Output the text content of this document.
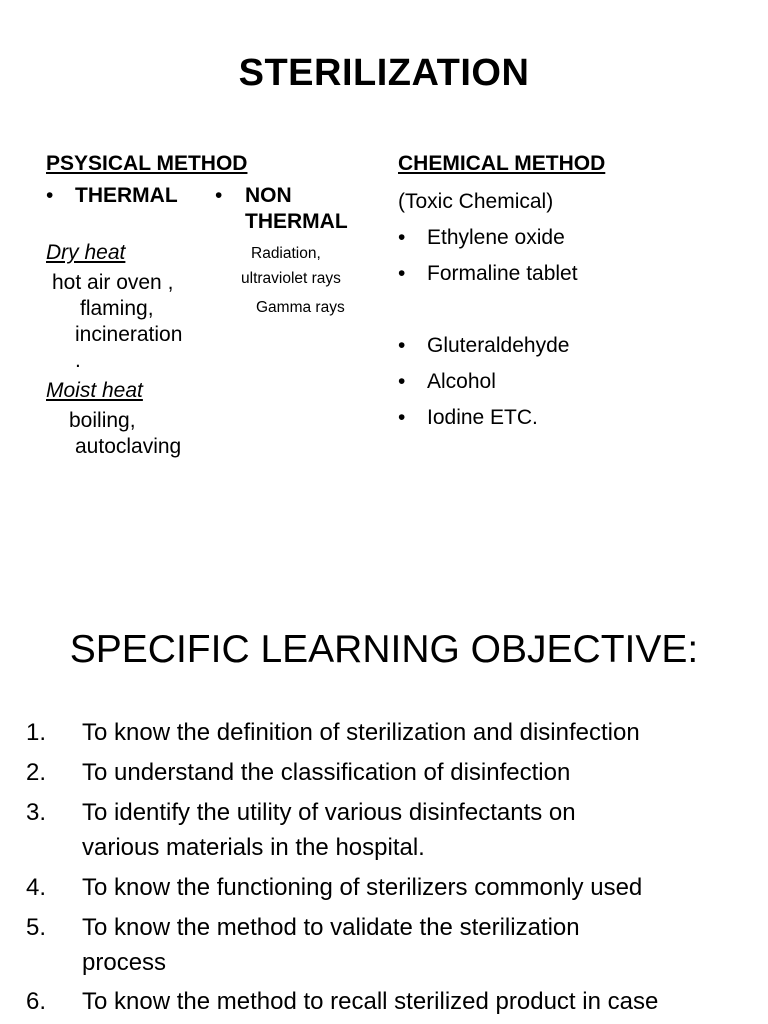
STERILIZATION
PSYSICAL METHOD
• THERMAL • NON
THERMAL
Dry heat
hot air oven ,
flaming,
incineration
.
Moist heat
boiling,
autoclaving
Radiation,
ultraviolet rays
Gamma rays
CHEMICAL METHOD
(Toxic Chemical)
• Ethylene oxide
• Formaline tablet
• Gluteraldehyde
• Alcohol
• Iodine ETC.
SPECIFIC LEARNING OBJECTIVE:
1. To know the definition of sterilization and disinfection
2. To understand the classification of disinfection
3. To identify the utility of various disinfectants on
various materials in the hospital.
4. To know the functioning of sterilizers commonly used
5. To know the method to validate the sterilization
process
6. To know the method to recall sterilized product in case
